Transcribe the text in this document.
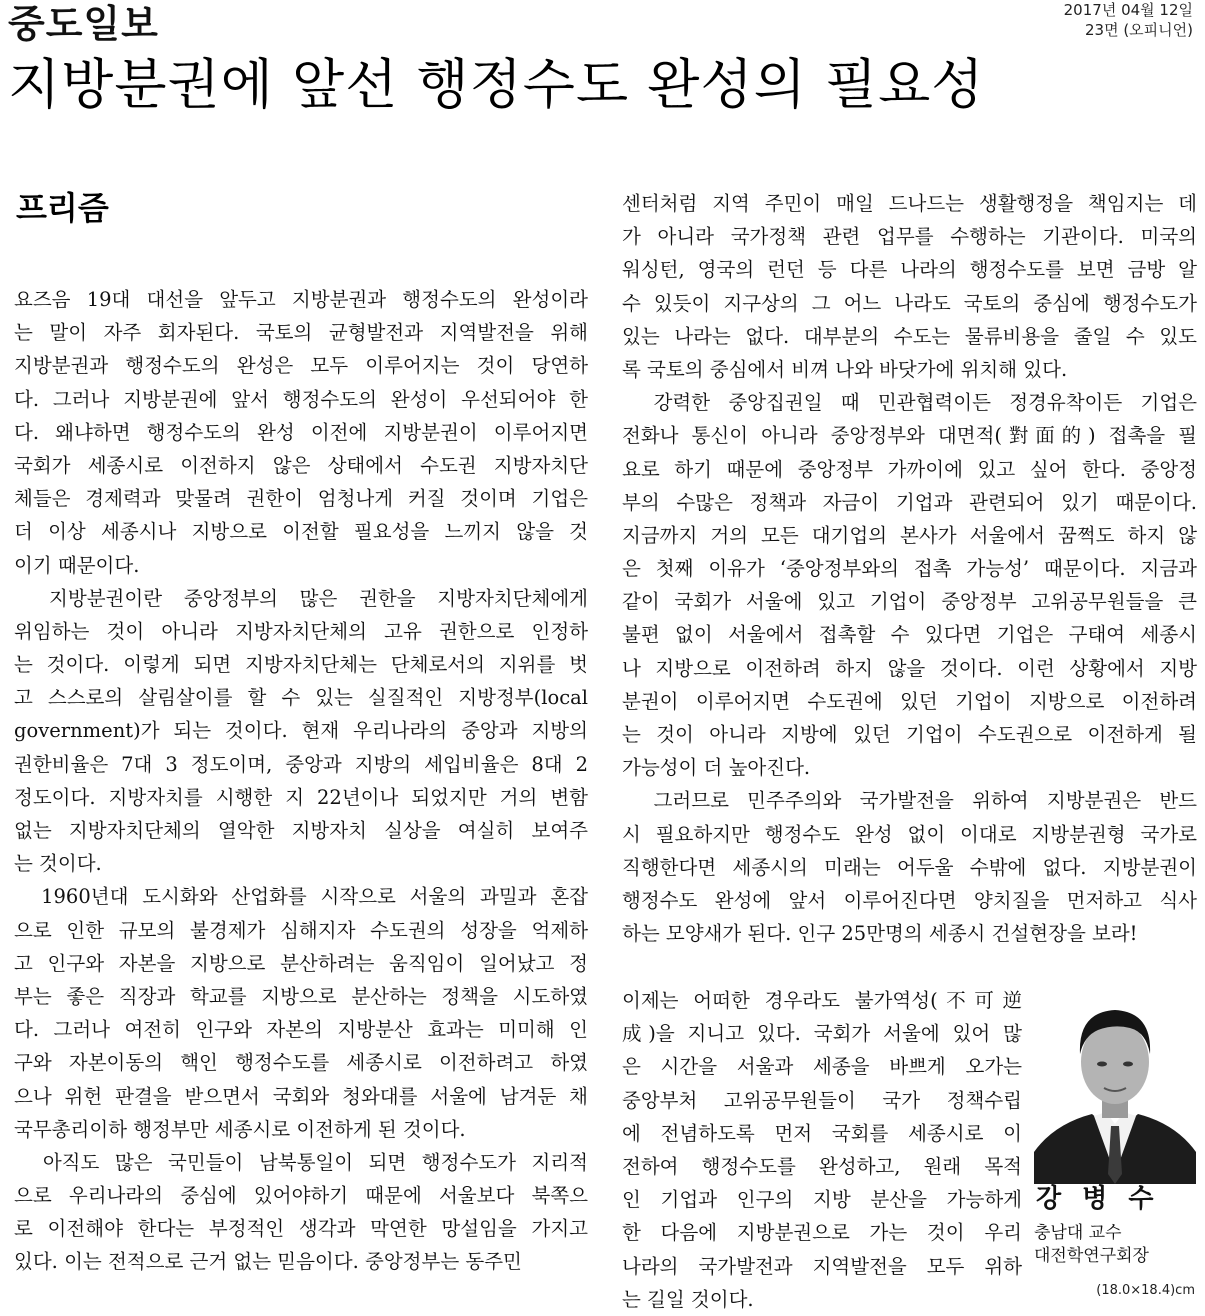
중도일보	2017년 04월 12일
23면 (오피니언)
지방분권에 앞선 행정수도 완성의 필요성
프리즘
요즈음 19대 대선을 앞두고 지방분권과 행정수도의 완성이라
는 말이 자주 회자된다. 국토의 균형발전과 지역발전을 위해
지방분권과 행정수도의 완성은 모두 이루어지는 것이 당연하
다. 그러나 지방분권에 앞서 행정수도의 완성이 우선되어야 한
다. 왜냐하면 행정수도의 완성 이전에 지방분권이 이루어지면
국회가 세종시로 이전하지 않은 상태에서 수도권 지방자치단
체들은 경제력과 맞물려 권한이 엄청나게 커질 것이며 기업은
더 이상 세종시나 지방으로 이전할 필요성을 느끼지 않을 것
이기 때문이다.
　지방분권이란 중앙정부의 많은 권한을 지방자치단체에게
위임하는 것이 아니라 지방자치단체의 고유 권한으로 인정하
는 것이다. 이렇게 되면 지방자치단체는 단체로서의 지위를 벗
고 스스로의 살림살이를 할 수 있는 실질적인 지방정부(local
government)가 되는 것이다. 현재 우리나라의 중앙과 지방의
권한비율은 7대 3 정도이며, 중앙과 지방의 세입비율은 8대 2
정도이다. 지방자치를 시행한 지 22년이나 되었지만 거의 변함
없는 지방자치단체의 열악한 지방자치 실상을 여실히 보여주
는 것이다.
　1960년대 도시화와 산업화를 시작으로 서울의 과밀과 혼잡
으로 인한 규모의 불경제가 심해지자 수도권의 성장을 억제하
고 인구와 자본을 지방으로 분산하려는 움직임이 일어났고 정
부는 좋은 직장과 학교를 지방으로 분산하는 정책을 시도하였
다. 그러나 여전히 인구와 자본의 지방분산 효과는 미미해 인
구와 자본이동의 핵인 행정수도를 세종시로 이전하려고 하였
으나 위헌 판결을 받으면서 국회와 청와대를 서울에 남겨둔 채
국무총리이하 행정부만 세종시로 이전하게 된 것이다.
　아직도 많은 국민들이 남북통일이 되면 행정수도가 지리적
으로 우리나라의 중심에 있어야하기 때문에 서울보다 북쪽으
로 이전해야 한다는 부정적인 생각과 막연한 망설임을 가지고
있다. 이는 전적으로 근거 없는 믿음이다. 중앙정부는 동주민
센터처럼 지역 주민이 매일 드나드는 생활행정을 책임지는 데
가 아니라 국가정책 관련 업무를 수행하는 기관이다. 미국의
워싱턴, 영국의 런던 등 다른 나라의 행정수도를 보면 금방 알
수 있듯이 지구상의 그 어느 나라도 국토의 중심에 행정수도가
있는 나라는 없다. 대부분의 수도는 물류비용을 줄일 수 있도
록 국토의 중심에서 비껴 나와 바닷가에 위치해 있다.
　강력한 중앙집권일 때 민관협력이든 정경유착이든 기업은
전화나 통신이 아니라 중앙정부와 대면적(對面的) 접촉을 필
요로 하기 때문에 중앙정부 가까이에 있고 싶어 한다. 중앙정
부의 수많은 정책과 자금이 기업과 관련되어 있기 때문이다.
지금까지 거의 모든 대기업의 본사가 서울에서 꿈쩍도 하지 않
은 첫째 이유가 ‘중앙정부와의 접촉 가능성’ 때문이다. 지금과
같이 국회가 서울에 있고 기업이 중앙정부 고위공무원들을 큰
불편 없이 서울에서 접촉할 수 있다면 기업은 구태여 세종시
나 지방으로 이전하려 하지 않을 것이다. 이런 상황에서 지방
분권이 이루어지면 수도권에 있던 기업이 지방으로 이전하려
는 것이 아니라 지방에 있던 기업이 수도권으로 이전하게 될
가능성이 더 높아진다.
　그러므로 민주주의와 국가발전을 위하여 지방분권은 반드
시 필요하지만 행정수도 완성 없이 이대로 지방분권형 국가로
직행한다면 세종시의 미래는 어두울 수밖에 없다. 지방분권이
행정수도 완성에 앞서 이루어진다면 양치질을 먼저하고 식사
하는 모양새가 된다. 인구 25만명의 세종시 건설현장을 보라!
이제는 어떠한 경우라도 불가역성(不可逆
成)을 지니고 있다. 국회가 서울에 있어 많
은 시간을 서울과 세종을 바쁘게 오가는
중앙부처 고위공무원들이 국가 정책수립
에 전념하도록 먼저 국회를 세종시로 이
전하여 행정수도를 완성하고, 원래 목적
인 기업과 인구의 지방 분산을 가능하게
한 다음에 지방분권으로 가는 것이 우리
나라의 국가발전과 지역발전을 모두 위하
는 길일 것이다.
강 병 수
충남대 교수
대전학연구회장
(18.0×18.4)cm
